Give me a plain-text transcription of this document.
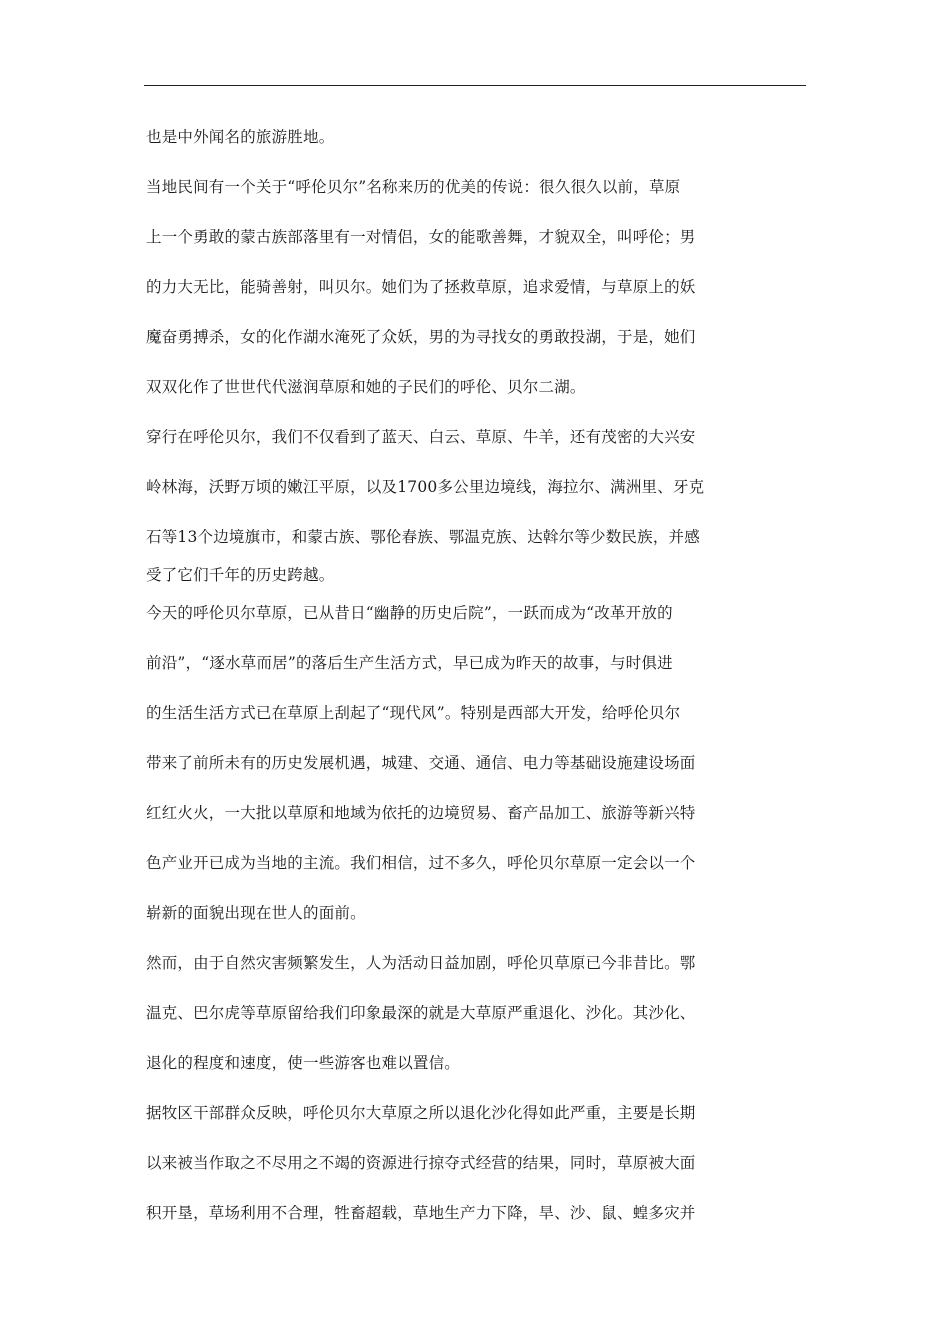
也是中外闻名的旅游胜地。
当地民间有一个关于“呼伦贝尔”名称来历的优美的传说：很久很久以前，草原
上一个勇敢的蒙古族部落里有一对情侣，女的能歌善舞，才貌双全，叫呼伦；男
的力大无比，能骑善射，叫贝尔。她们为了拯救草原，追求爱情，与草原上的妖
魔奋勇搏杀，女的化作湖水淹死了众妖，男的为寻找女的勇敢投湖，于是，她们
双双化作了世世代代滋润草原和她的子民们的呼伦、贝尔二湖。
穿行在呼伦贝尔，我们不仅看到了蓝天、白云、草原、牛羊，还有茂密的大兴安
岭林海，沃野万顷的嫩江平原，以及1700多公里边境线，海拉尔、满洲里、牙克
石等13个边境旗市，和蒙古族、鄂伦春族、鄂温克族、达斡尔等少数民族，并感
受了它们千年的历史跨越。
今天的呼伦贝尔草原，已从昔日“幽静的历史后院”，一跃而成为“改革开放的
前沿”，“逐水草而居”的落后生产生活方式，早已成为昨天的故事，与时俱进
的生活生活方式已在草原上刮起了“现代风”。特别是西部大开发，给呼伦贝尔
带来了前所未有的历史发展机遇，城建、交通、通信、电力等基础设施建设场面
红红火火，一大批以草原和地域为依托的边境贸易、畜产品加工、旅游等新兴特
色产业开已成为当地的主流。我们相信，过不多久，呼伦贝尔草原一定会以一个
崭新的面貌出现在世人的面前。
然而，由于自然灾害频繁发生，人为活动日益加剧，呼伦贝草原已今非昔比。鄂
温克、巴尔虎等草原留给我们印象最深的就是大草原严重退化、沙化。其沙化、
退化的程度和速度，使一些游客也难以置信。
据牧区干部群众反映，呼伦贝尔大草原之所以退化沙化得如此严重，主要是长期
以来被当作取之不尽用之不竭的资源进行掠夺式经营的结果，同时，草原被大面
积开垦，草场利用不合理，牲畜超载，草地生产力下降，旱、沙、鼠、蝗多灾并
